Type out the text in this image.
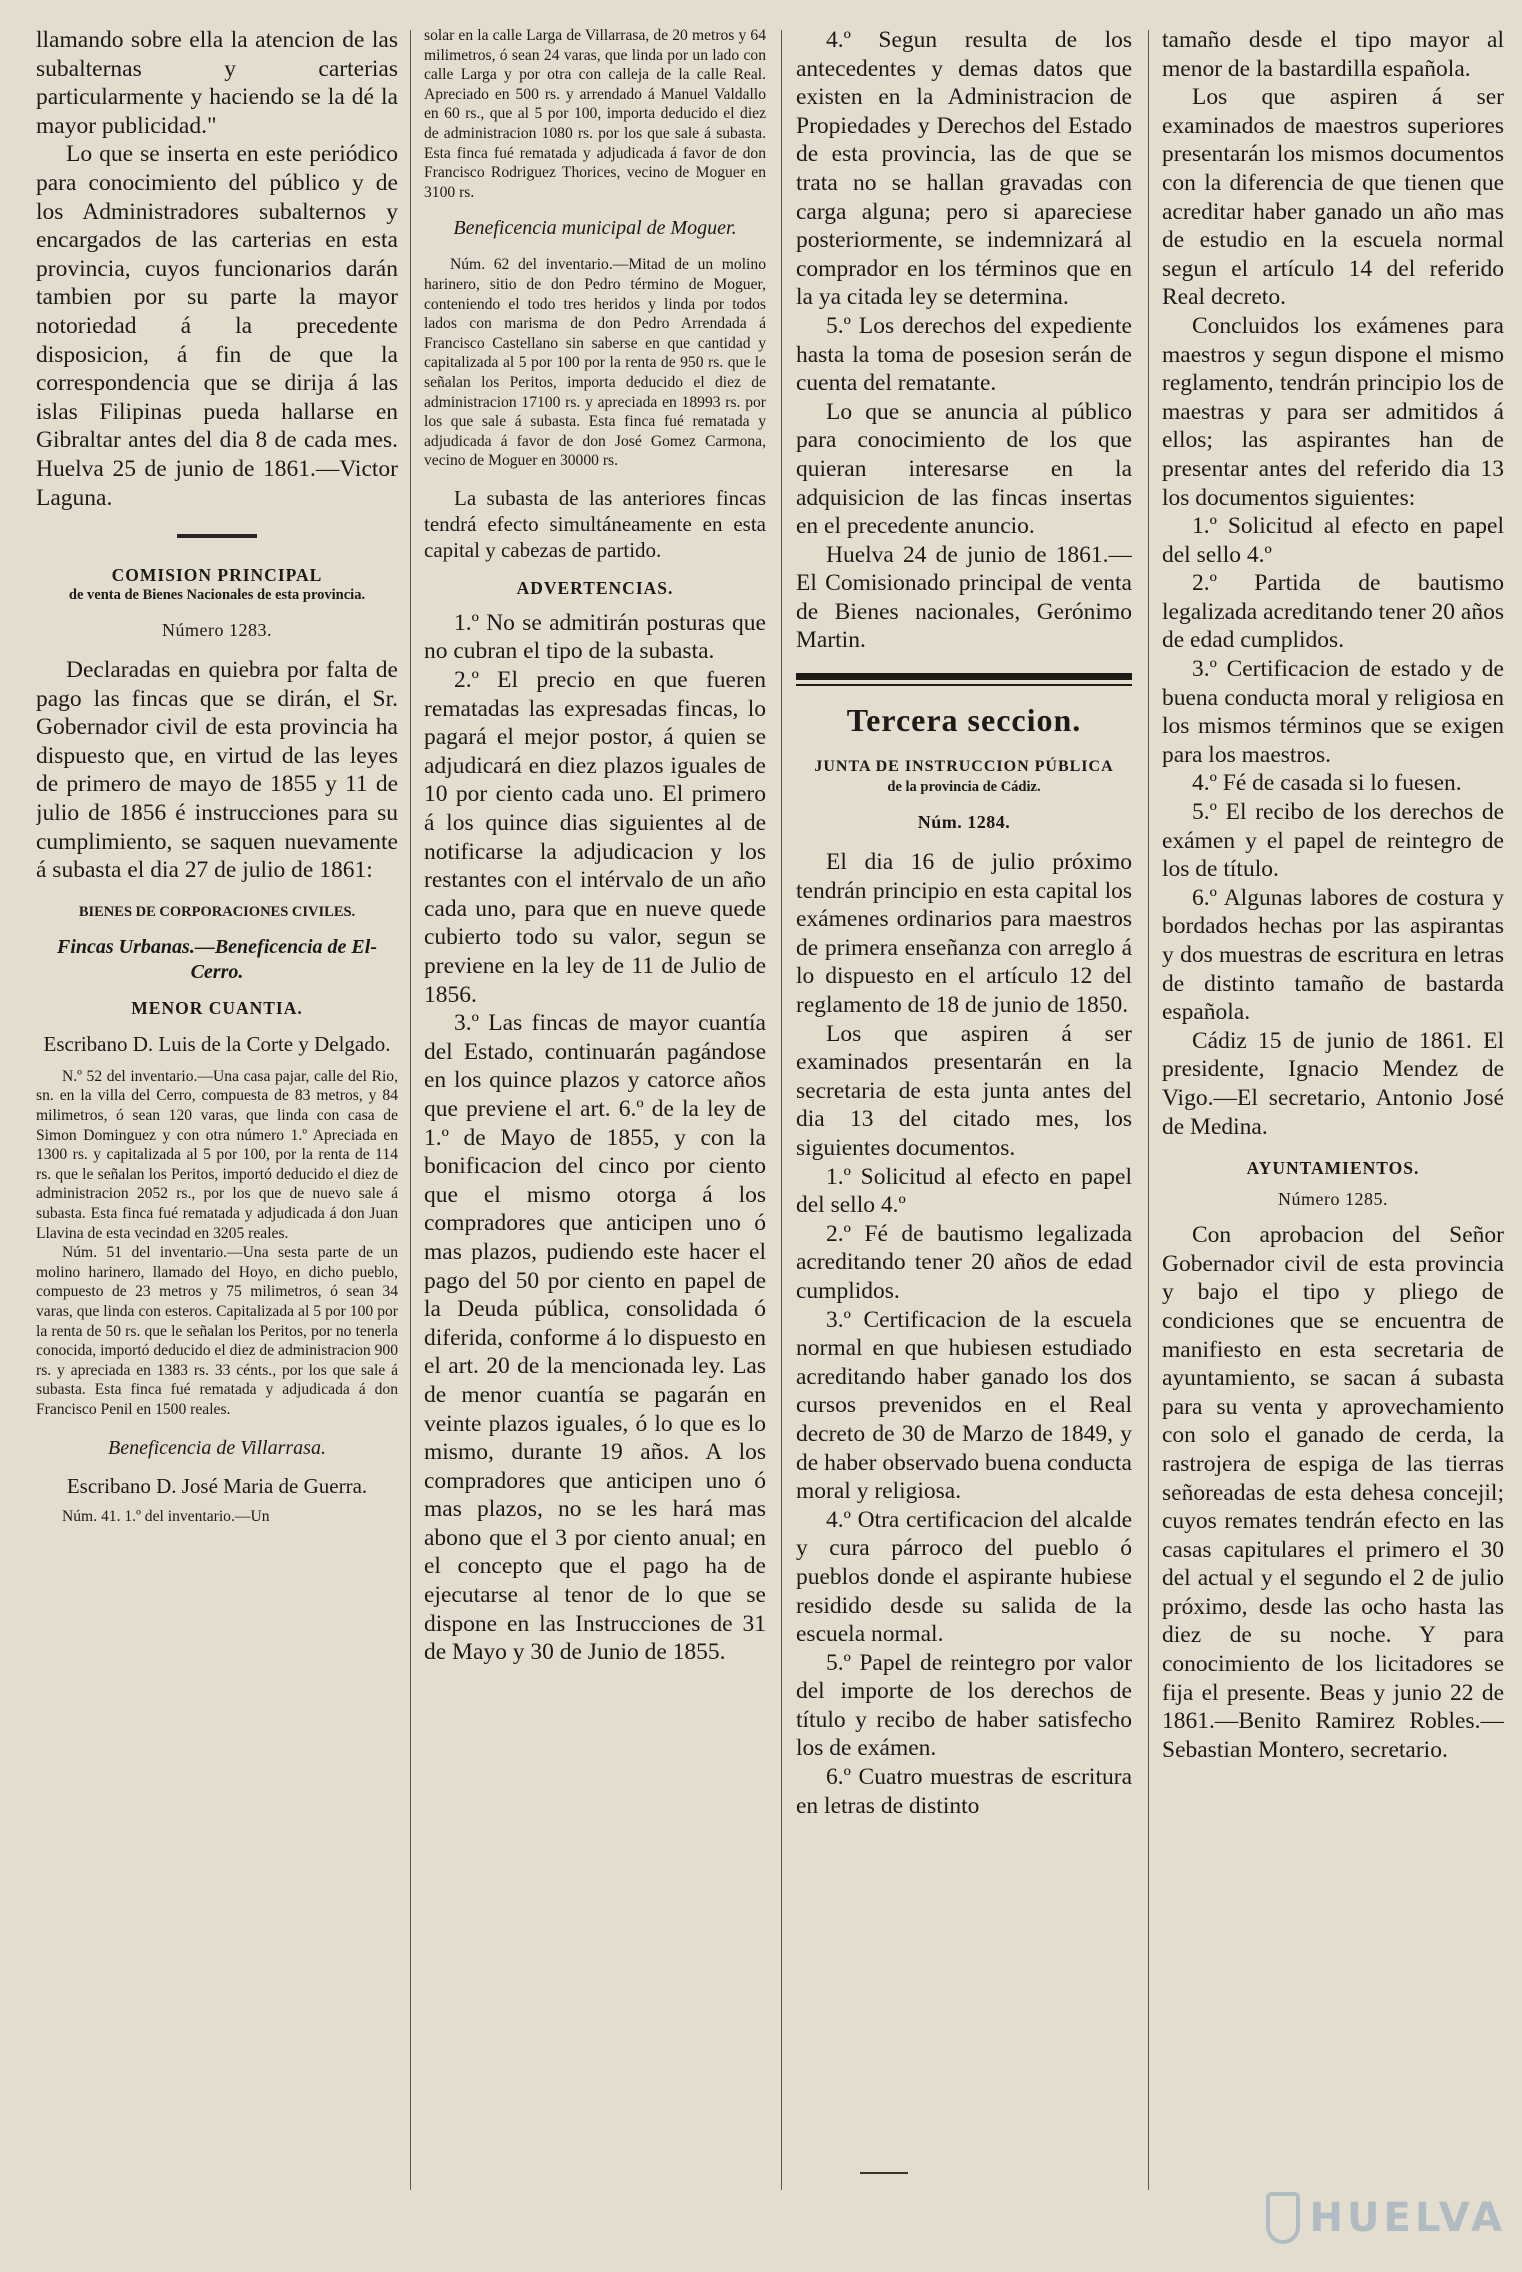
llamando sobre ella la atencion de las subalternas y carterias particularmente y haciendo se la dé la mayor publicidad."

Lo que se inserta en este periódico para conocimiento del público y de los Administradores subalternos y encargados de las carterias en esta provincia, cuyos funcionarios darán tambien por su parte la mayor notoriedad á la precedente disposicion, á fin de que la correspondencia que se dirija á las islas Filipinas pueda hallarse en Gibraltar antes del dia 8 de cada mes. Huelva 25 de junio de 1861.—Victor Laguna.

COMISION PRINCIPAL
de venta de Bienes Nacionales de esta provincia.
Número 1283.

Declaradas en quiebra por falta de pago las fincas que se dirán, el Sr. Gobernador civil de esta provincia ha dispuesto que, en virtud de las leyes de primero de mayo de 1855 y 11 de julio de 1856 é instrucciones para su cumplimiento, se saquen nuevamente á subasta el dia 27 de julio de 1861:

BIENES DE CORPORACIONES CIVILES.
Fincas Urbanas.—Beneficencia de El-Cerro.
MENOR CUANTIA.
Escribano D. Luis de la Corte y Delgado.

N.º 52 del inventario.—Una casa pajar, calle del Rio, sn. en la villa del Cerro, compuesta de 83 metros, y 84 milimetros, ó sean 120 varas, que linda con casa de Simon Dominguez y con otra número 1.º Apreciada en 1300 rs. y capitalizada al 5 por 100, por la renta de 114 rs. que le señalan los Peritos, importó deducido el diez de administracion 2052 rs., por los que de nuevo sale á subasta. Esta finca fué rematada y adjudicada á don Juan Llavina de esta vecindad en 3205 reales.

Núm. 51 del inventario.—Una sesta parte de un molino harinero, llamado del Hoyo, en dicho pueblo, compuesto de 23 metros y 75 milimetros, ó sean 34 varas, que linda con esteros. Capitalizada al 5 por 100 por la renta de 50 rs. que le señalan los Peritos, por no tenerla conocida, importó deducido el diez de administracion 900 rs. y apreciada en 1383 rs. 33 cénts., por los que sale á subasta. Esta finca fué rematada y adjudicada á don Francisco Penil en 1500 reales.

Beneficencia de Villarrasa.
Escribano D. José Maria de Guerra.

Núm. 41. 1.º del inventario.—Un

solar en la calle Larga de Villarrasa, de 20 metros y 64 milimetros, ó sean 24 varas, que linda por un lado con calle Larga y por otra con calleja de la calle Real. Apreciado en 500 rs. y arrendado á Manuel Valdallo en 60 rs., que al 5 por 100, importa deducido el diez de administracion 1080 rs. por los que sale á subasta. Esta finca fué rematada y adjudicada á favor de don Francisco Rodriguez Thorices, vecino de Moguer en 3100 rs.

Beneficencia municipal de Moguer.

Núm. 62 del inventario.—Mitad de un molino harinero, sitio de don Pedro término de Moguer, conteniendo el todo tres heridos y linda por todos lados con marisma de don Pedro Arrendada á Francisco Castellano sin saberse en que cantidad y capitalizada al 5 por 100 por la renta de 950 rs. que le señalan los Peritos, importa deducido el diez de administracion 17100 rs. y apreciada en 18993 rs. por los que sale á subasta. Esta finca fué rematada y adjudicada á favor de don José Gomez Carmona, vecino de Moguer en 30000 rs.

La subasta de las anteriores fincas tendrá efecto simultáneamente en esta capital y cabezas de partido.

ADVERTENCIAS.

1.º No se admitirán posturas que no cubran el tipo de la subasta.

2.º El precio en que fueren rematadas las expresadas fincas, lo pagará el mejor postor, á quien se adjudicará en diez plazos iguales de 10 por ciento cada uno. El primero á los quince dias siguientes al de notificarse la adjudicacion y los restantes con el intérvalo de un año cada uno, para que en nueve quede cubierto todo su valor, segun se previene en la ley de 11 de Julio de 1856.

3.º Las fincas de mayor cuantía del Estado, continuarán pagándose en los quince plazos y catorce años que previene el art. 6.º de la ley de 1.º de Mayo de 1855, y con la bonificacion del cinco por ciento que el mismo otorga á los compradores que anticipen uno ó mas plazos, pudiendo este hacer el pago del 50 por ciento en papel de la Deuda pública, consolidada ó diferida, conforme á lo dispuesto en el art. 20 de la mencionada ley. Las de menor cuantía se pagarán en veinte plazos iguales, ó lo que es lo mismo, durante 19 años. A los compradores que anticipen uno ó mas plazos, no se les hará mas abono que el 3 por ciento anual; en el concepto que el pago ha de ejecutarse al tenor de lo que se dispone en las Instrucciones de 31 de Mayo y 30 de Junio de 1855.

4.º Segun resulta de los antecedentes y demas datos que existen en la Administracion de Propiedades y Derechos del Estado de esta provincia, las de que se trata no se hallan gravadas con carga alguna; pero si apareciese posteriormente, se indemnizará al comprador en los términos que en la ya citada ley se determina.

5.º Los derechos del expediente hasta la toma de posesion serán de cuenta del rematante.

Lo que se anuncia al público para conocimiento de los que quieran interesarse en la adquisicion de las fincas insertas en el precedente anuncio.

Huelva 24 de junio de 1861.—El Comisionado principal de venta de Bienes nacionales, Gerónimo Martin.

Tercera seccion.
JUNTA DE INSTRUCCION PÚBLICA
de la provincia de Cádiz.
Núm. 1284.

El dia 16 de julio próximo tendrán principio en esta capital los exámenes ordinarios para maestros de primera enseñanza con arreglo á lo dispuesto en el artículo 12 del reglamento de 18 de junio de 1850.

Los que aspiren á ser examinados presentarán en la secretaria de esta junta antes del dia 13 del citado mes, los siguientes documentos.

1.º Solicitud al efecto en papel del sello 4.º

2.º Fé de bautismo legalizada acreditando tener 20 años de edad cumplidos.

3.º Certificacion de la escuela normal en que hubiesen estudiado acreditando haber ganado los dos cursos prevenidos en el Real decreto de 30 de Marzo de 1849, y de haber observado buena conducta moral y religiosa.

4.º Otra certificacion del alcalde y cura párroco del pueblo ó pueblos donde el aspirante hubiese residido desde su salida de la escuela normal.

5.º Papel de reintegro por valor del importe de los derechos de título y recibo de haber satisfecho los de exámen.

6.º Cuatro muestras de escritura en letras de distinto

tamaño desde el tipo mayor al menor de la bastardilla española.

Los que aspiren á ser examinados de maestros superiores presentarán los mismos documentos con la diferencia de que tienen que acreditar haber ganado un año mas de estudio en la escuela normal segun el artículo 14 del referido Real decreto.

Concluidos los exámenes para maestros y segun dispone el mismo reglamento, tendrán principio los de maestras y para ser admitidos á ellos; las aspirantes han de presentar antes del referido dia 13 los documentos siguientes:

1.º Solicitud al efecto en papel del sello 4.º

2.º Partida de bautismo legalizada acreditando tener 20 años de edad cumplidos.

3.º Certificacion de estado y de buena conducta moral y religiosa en los mismos términos que se exigen para los maestros.

4.º Fé de casada si lo fuesen.

5.º El recibo de los derechos de exámen y el papel de reintegro de los de título.

6.º Algunas labores de costura y bordados hechas por las aspirantas y dos muestras de escritura en letras de distinto tamaño de bastarda española.

Cádiz 15 de junio de 1861. El presidente, Ignacio Mendez de Vigo.—El secretario, Antonio José de Medina.

AYUNTAMIENTOS.
Número 1285.

Con aprobacion del Señor Gobernador civil de esta provincia y bajo el tipo y pliego de condiciones que se encuentra de manifiesto en esta secretaria de ayuntamiento, se sacan á subasta para su venta y aprovechamiento con solo el ganado de cerda, la rastrojera de espiga de las tierras señoreadas de esta dehesa concejil; cuyos remates tendrán efecto en las casas capitulares el primero el 30 del actual y el segundo el 2 de julio próximo, desde las ocho hasta las diez de su noche. Y para conocimiento de los licitadores se fija el presente. Beas y junio 22 de 1861.—Benito Ramirez Robles.—Sebastian Montero, secretario.

HUELVA
